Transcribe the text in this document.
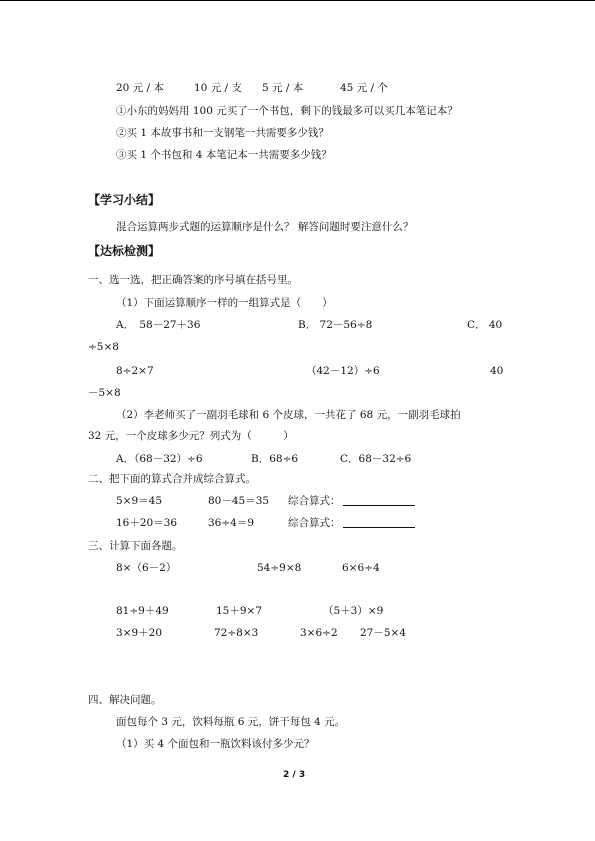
20 元 / 本	10 元 / 支 5 元 / 本	45 元 / 个
①小东的妈妈用 100 元买了一个书包，剩下的钱最多可以买几本笔记本？
②买 1 本故事书和一支钢笔一共需要多少钱？
③买 1 个书包和 4 本笔记本一共需要多少钱？
【学习小结】
混合运算两步式题的运算顺序是什么？ 解答问题时要注意什么？
【达标检测】
一、选一选，把正确答案的序号填在括号里。
（1）下面运算顺序一样的一组算式是（　　）
A．　58－27＋36	B． 72－56÷8	C． 40
÷5×8
8÷2×7	（42－12）÷6	40
－5×8
（2）李老师买了一副羽毛球和 6 个皮球，一共花了 68 元，一副羽毛球拍
32 元，一个皮球多少元？列式为（　　　）
A．（68－32）÷6	B．68÷6	C．68－32÷6
二、把下面的算式合并成综合算式。
5×9＝45	80－45＝35 综合算式：
16＋20＝36	36÷4＝9	综合算式：
三、计算下面各题。
8×（6－2）	54÷9×8	6×6÷4
81÷9＋49	15＋9×7	（5＋3）×9
3×9＋20	72÷8×3	3×6÷2 27－5×4
四、解决问题。
面包每个 3 元，饮料每瓶 6 元，饼干每包 4 元。
（1）买 4 个面包和一瓶饮料该付多少元？
2 / 3
